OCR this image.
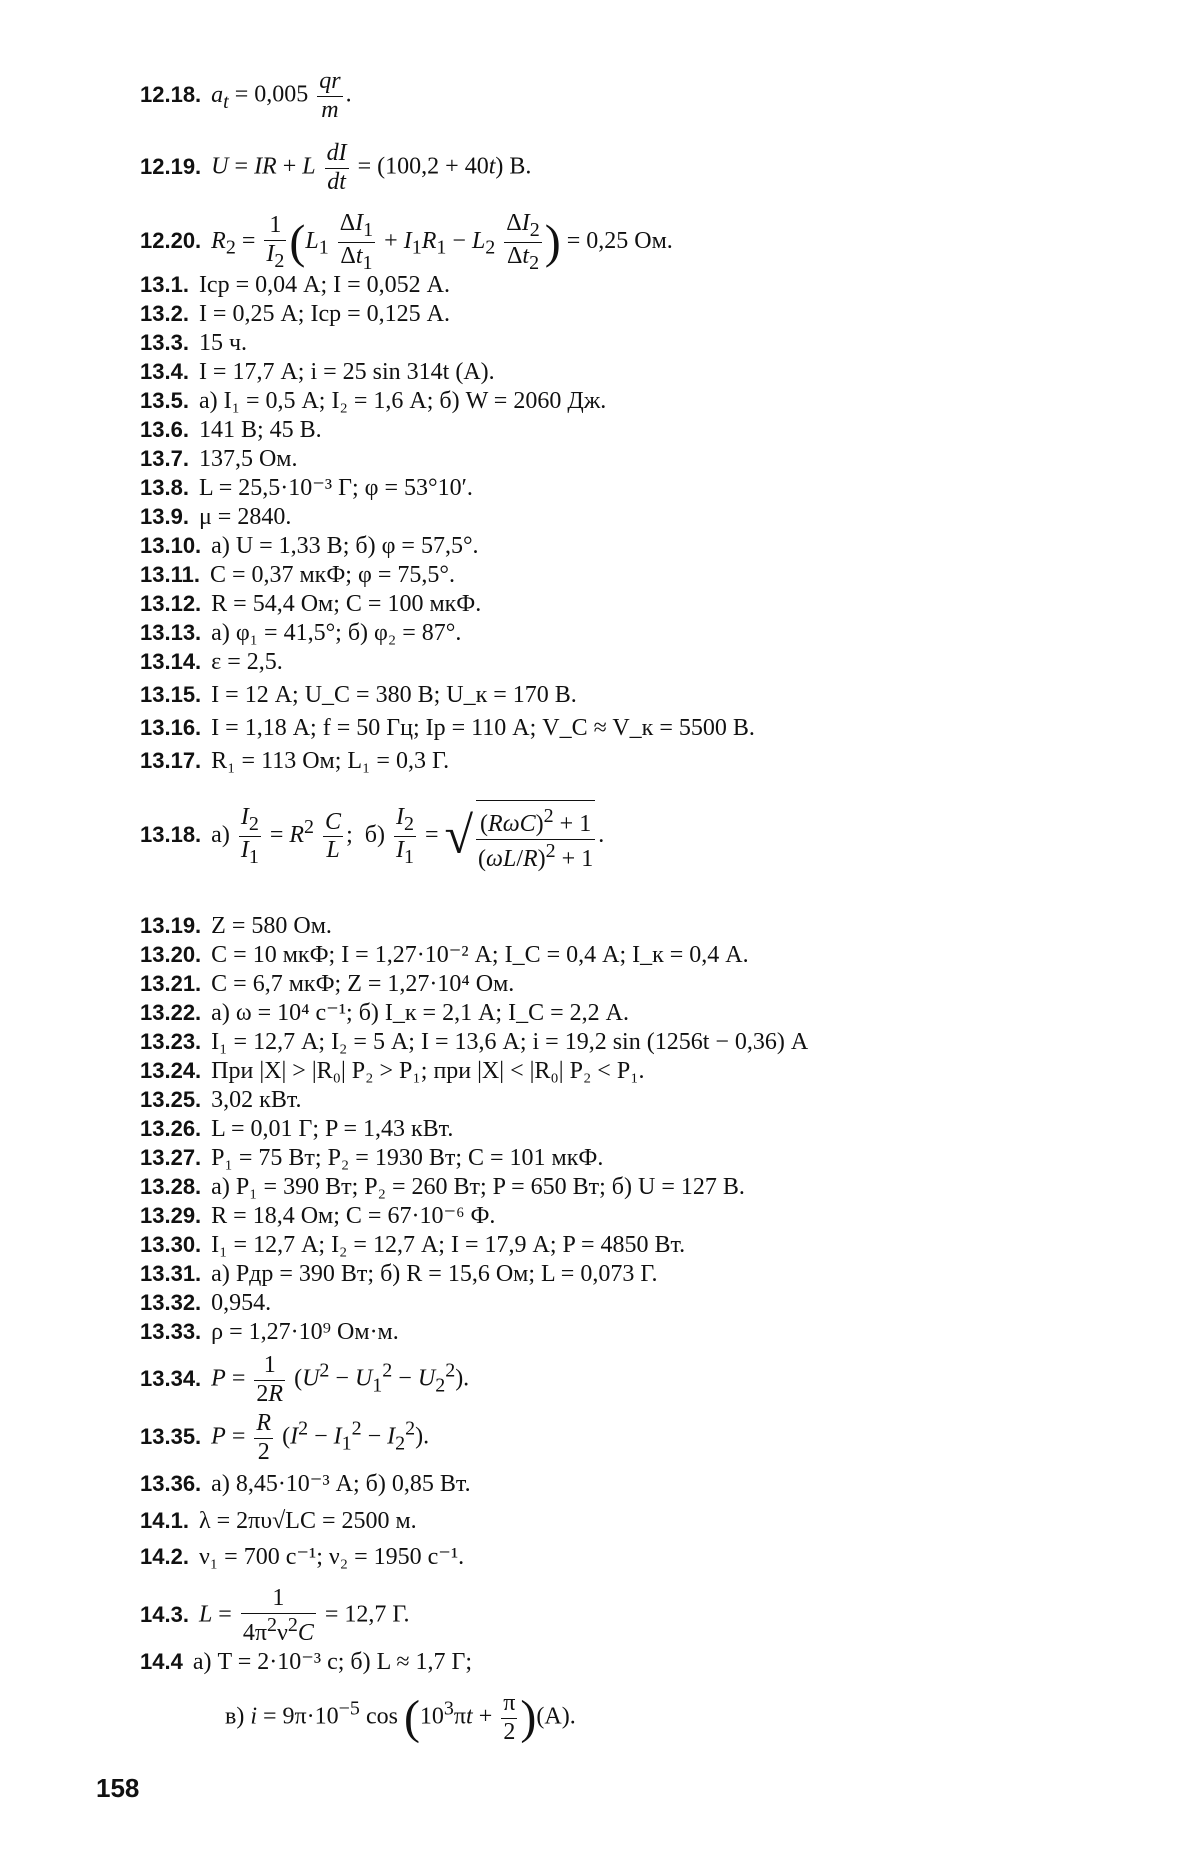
12.18. $a_t = 0,005 \frac{qr}{m}$ .
12.19. U = IR + L $\frac{dI}{dt} = (100,2 + 40t)$ В.
12.20. $R_2 = \frac{1}{I_2} (L_1 \frac{\Delta I_1}{\Delta t_1} + I_1R_1 - L_2 \frac{\Delta I_2}{\Delta t_2}$ ) = 0,25 Ом.
13.1. Iср = 0,04 А; I = 0,052 А.
13.2. I = 0,25 А; Iср = 0,125 А.
13.3. 15 ч.
13.4. I = 17,7 А; i = 25 sin 314t (А).
13.5. а) I₁ = 0,5 А; I₂ = 1,6 А; б) W = 2060 Дж.
13.6. 141 В; 45 В.
13.7. 137,5 Ом.
13.8. L = 25,5·10⁻³ Г; φ = 53°10′.
13.9. μ = 2840.
13.10. а) U = 1,33 В; б) φ = 57,5°.
13.11. C = 0,37 мкФ; φ = 75,5°.
13.12. R = 54,4 Ом; C = 100 мкФ.
13.13. а) φ₁ = 41,5°; б) φ₂ = 87°.
13.14. ε = 2,5.
13.15. I = 12 А; U_C = 380 В; U_к = 170 В.
13.16. I = 1,18 А; f = 50 Гц; Iр = 110 А; V_C ≈ V_к = 5500 В.
13.17. R₁ = 113 Ом; L₁ = 0,3 Г.
13.18. $а) \frac{I_2}{I_1} = R^2 \frac{C}{L}$ ;  $б) \frac{I_2}{I_1}$ = √ $(R\omega C)^2 + 1$
$(\omega L/R)^2 + 1$
.
13.19. Z = 580 Ом.
13.20. C = 10 мкФ; I = 1,27·10⁻² А; I_C = 0,4 А; I_к = 0,4 А.
13.21. C = 6,7 мкФ; Z = 1,27·10⁴ Ом.
13.22. а) ω = 10⁴ с⁻¹; б) I_к = 2,1 А; I_C = 2,2 А.
13.23. I₁ = 12,7 А; I₂ = 5 А; I = 13,6 А; i = 19,2 sin (1256t − 0,36) А
13.24. При |X| > |R₀| P₂ > P₁; при |X| < |R₀| P₂ < P₁.
13.25. 3,02 кВт.
13.26. L = 0,01 Г; P = 1,43 кВт.
13.27. P₁ = 75 Вт; P₂ = 1930 Вт; C = 101 мкФ.
13.28. а) P₁ = 390 Вт; P₂ = 260 Вт; P = 650 Вт; б) U = 127 В.
13.29. R = 18,4 Ом; C = 67·10⁻⁶ Ф.
13.30. I₁ = 12,7 А; I₂ = 12,7 А; I = 17,9 А; P = 4850 Вт.
13.31. а) Pдр = 390 Вт; б) R = 15,6 Ом; L = 0,073 Г.
13.32. 0,954.
13.33. ρ = 1,27·10⁹ Ом·м.
13.34. $P = \frac{1}{2R} (U^2 - U_1^2 - U_2^2)$.
13.35. $P = \frac{R}{2} (I^2 - I_1^2 - I_2^2)$.
13.36. а) 8,45·10⁻³ А; б) 0,85 Вт.
14.1. λ = 2πυ√LC = 2500 м.
14.2. ν₁ = 700 с⁻¹; ν₂ = 1950 с⁻¹.
14.3. $L = \frac{1}{4\pi^2\nu^2C} = 12,7$ Г.
14.4 а) T = 2·10⁻³ с; б) L ≈ 1,7 Г;
в) $i = 9\pi\cdot 10^{-5}$ $\cos (10^3\pi t + \frac{\pi}{2} )(А)$.
158
